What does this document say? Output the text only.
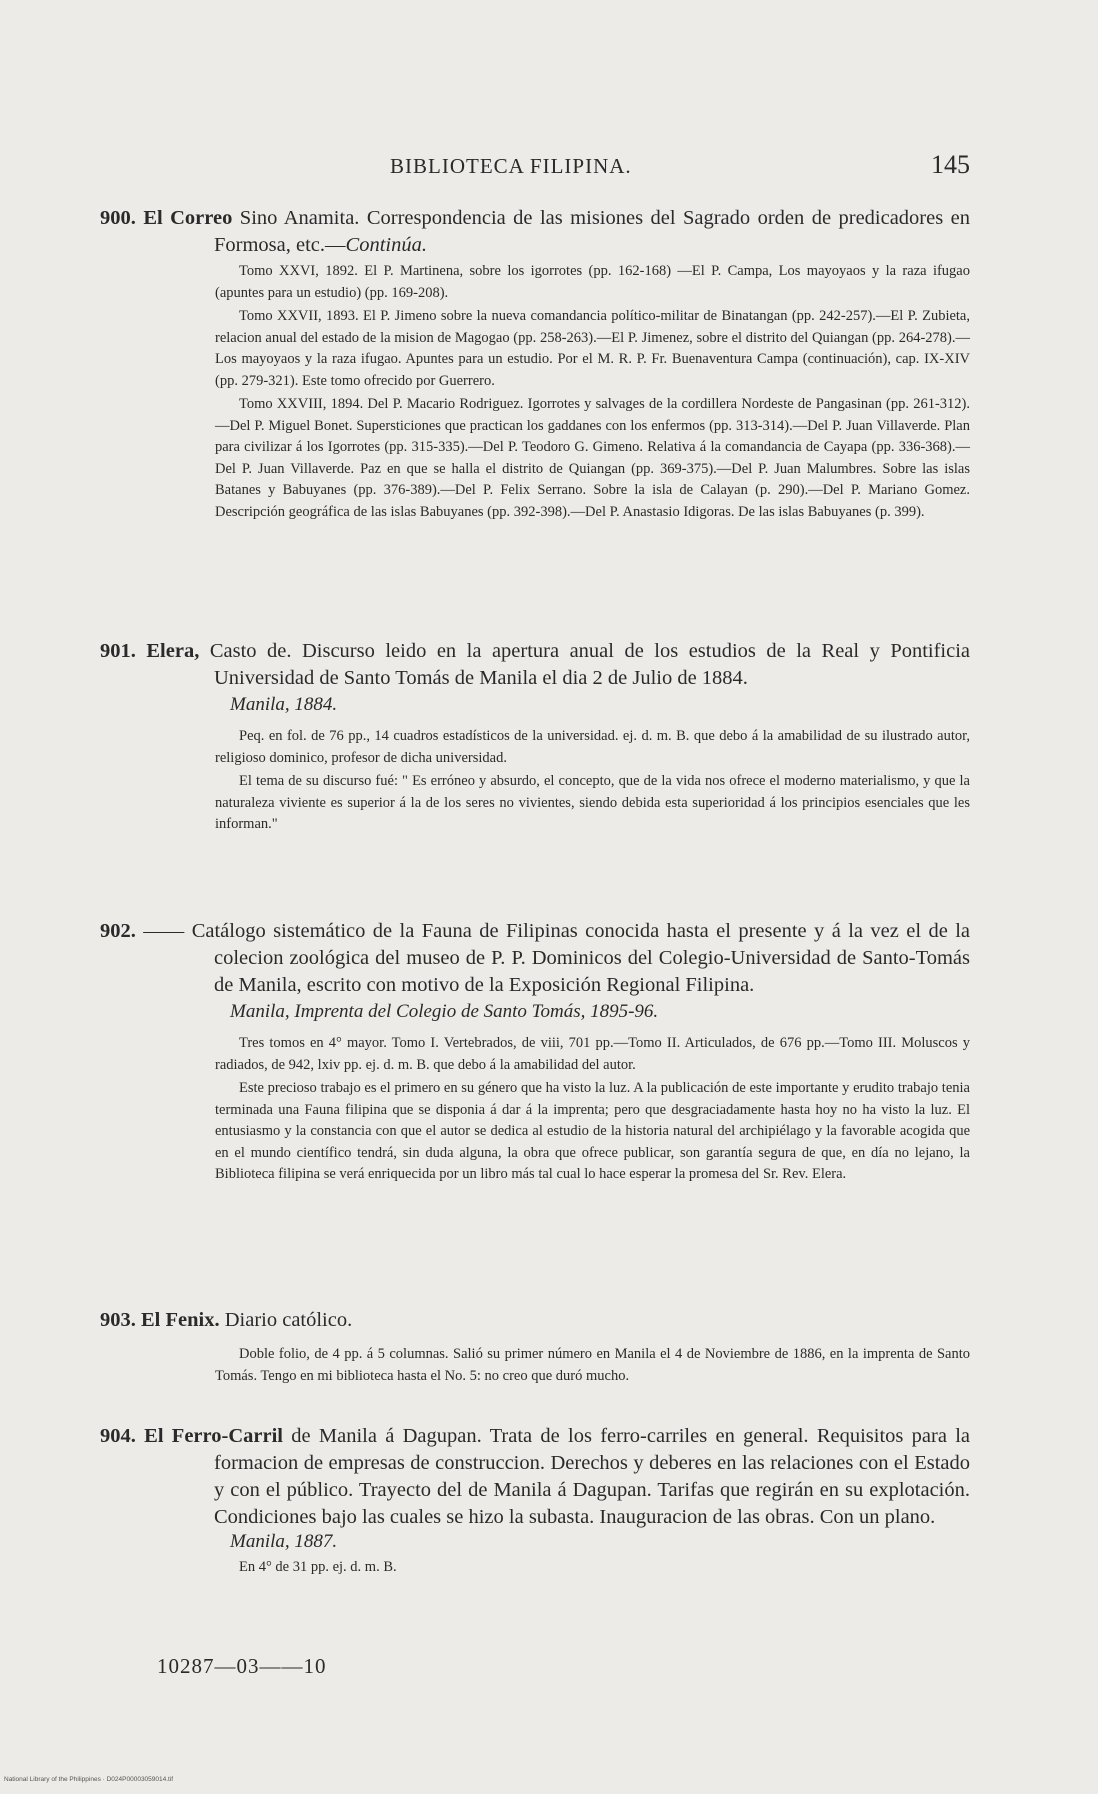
BIBLIOTECA FILIPINA.	145

900. El Correo Sino Anamita. Correspondencia de las misiones del Sagrado orden de predicadores en Formosa, etc.—Continúa.

Tomo XXVI, 1892. El P. Martinena, sobre los igorrotes (pp. 162-168) —El P. Campa, Los mayoyaos y la raza ifugao (apuntes para un estudio) (pp. 169-208).

Tomo XXVII, 1893. El P. Jimeno sobre la nueva comandancia político-militar de Binatangan (pp. 242-257).—El P. Zubieta, relacion anual del estado de la mision de Magogao (pp. 258-263).—El P. Jimenez, sobre el distrito del Quiangan (pp. 264-278).—Los mayoyaos y la raza ifugao. Apuntes para un estudio. Por el M. R. P. Fr. Buenaventura Campa (continuación), cap. IX-XIV (pp. 279-321). Este tomo ofrecido por Guerrero.

Tomo XXVIII, 1894. Del P. Macario Rodriguez. Igorrotes y salvages de la cordillera Nordeste de Pangasinan (pp. 261-312).—Del P. Miguel Bonet. Supersticiones que practican los gaddanes con los enfermos (pp. 313-314).—Del P. Juan Villaverde. Plan para civilizar á los Igorrotes (pp. 315-335).—Del P. Teodoro G. Gimeno. Relativa á la comandancia de Cayapa (pp. 336-368).—Del P. Juan Villaverde. Paz en que se halla el distrito de Quiangan (pp. 369-375).—Del P. Juan Malumbres. Sobre las islas Batanes y Babuyanes (pp. 376-389).—Del P. Felix Serrano. Sobre la isla de Calayan (p. 290).—Del P. Mariano Gomez. Descripción geográfica de las islas Babuyanes (pp. 392-398).—Del P. Anastasio Idigoras. De las islas Babuyanes (p. 399).

901. Elera, Casto de. Discurso leido en la apertura anual de los estudios de la Real y Pontificia Universidad de Santo Tomás de Manila el dia 2 de Julio de 1884.

Manila, 1884.

Peq. en fol. de 76 pp., 14 cuadros estadísticos de la universidad. ej. d. m. B. que debo á la amabilidad de su ilustrado autor, religioso dominico, profesor de dicha universidad.

El tema de su discurso fué: " Es erróneo y absurdo, el concepto, que de la vida nos ofrece el moderno materialismo, y que la naturaleza viviente es superior á la de los seres no vivientes, siendo debida esta superioridad á los principios esenciales que les informan."

902. —— Catálogo sistemático de la Fauna de Filipinas conocida hasta el presente y á la vez el de la colecion zoológica del museo de P. P. Dominicos del Colegio-Universidad de Santo-Tomás de Manila, escrito con motivo de la Exposición Regional Filipina.

Manila, Imprenta del Colegio de Santo Tomás, 1895-96.

Tres tomos en 4° mayor. Tomo I. Vertebrados, de viii, 701 pp.—Tomo II. Articulados, de 676 pp.—Tomo III. Moluscos y radiados, de 942, lxiv pp. ej. d. m. B. que debo á la amabilidad del autor.

Este precioso trabajo es el primero en su género que ha visto la luz. A la publicación de este importante y erudito trabajo tenia terminada una Fauna filipina que se disponia á dar á la imprenta; pero que desgraciadamente hasta hoy no ha visto la luz. El entusiasmo y la constancia con que el autor se dedica al estudio de la historia natural del archipiélago y la favorable acogida que en el mundo científico tendrá, sin duda alguna, la obra que ofrece publicar, son garantía segura de que, en día no lejano, la Biblioteca filipina se verá enriquecida por un libro más tal cual lo hace esperar la promesa del Sr. Rev. Elera.

903. El Fenix. Diario católico.

Doble folio, de 4 pp. á 5 columnas. Salió su primer número en Manila el 4 de Noviembre de 1886, en la imprenta de Santo Tomás. Tengo en mi biblioteca hasta el No. 5: no creo que duró mucho.

904. El Ferro-Carril de Manila á Dagupan. Trata de los ferro-carriles en general. Requisitos para la formacion de empresas de construccion. Derechos y deberes en las relaciones con el Estado y con el público. Trayecto del de Manila á Dagupan. Tarifas que regirán en su explotación. Condiciones bajo las cuales se hizo la subasta. Inauguracion de las obras. Con un plano.

Manila, 1887.

En 4° de 31 pp. ej. d. m. B.

10287—03——10
National Library of the Philippines · D024P00003059014.tif
